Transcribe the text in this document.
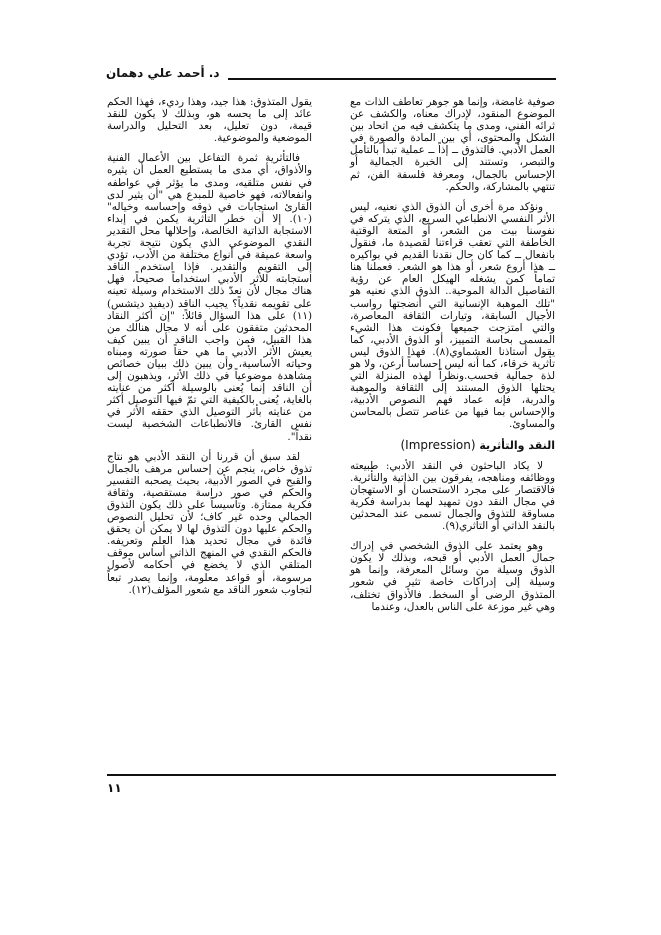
د. أحمد علي دهمان

صوفية غامضة، وإنما هو جوهر تعاطف الذات مع الموضوع المنقود، لإدراك معناه، والكشف عن ثرائه الفني، ومدى ما يتكشف فيه من اتحاد بين الشكل والمحتوى، أي بين المادة والصورة في العمل الأدبي. فالتذوق ــ إذاً ــ عملية تبدأ بالتأمل والتبصر، وتستند إلى الخبرة الجمالية أو الإحساس بالجمال، ومعرفة فلسفة الفن، ثم تنتهي بالمشاركة، والحكم.

ونؤكد مرة أخرى أن الذوق الذي نعنيه، ليس الأثر النفسي الانطباعي السريع، الذي يتركه في نفوسنا بيت من الشعر، أو المتعة الوقتية الخاطفة التي تعقب قراءتنا لقصيدة ما، فنقول بانفعال ــ كما كان حال نقدنا القديم في بواكيره ــ هذا أروع شعر، أو هذا هو الشعر. فعملنا هنا تماماً كمن يشغله الهيكل العام عن رؤية التفاصيل الدالة الموحية.. الذوق الذي نعنيه هو "تلك الموهبة الإنسانية التي أنضجتها رواسب الأجيال السابقة، وتيارات الثقافة المعاصرة، والتي امتزجت جميعها فكونت هذا الشيء المسمى بحاسة التمييز، أو الذوق الأدبي، كما يقول أستاذنا العشماوي(٨). فهذا الذوق ليس تأثرية خرقاء، كما أنه ليس إحساساً أرعن، ولا هو لذة جمالية فحسب.ونظراً لهذه المنزلة التي يحتلها الذوق المستند إلى الثقافة والموهبة والدربة، فإنه عماد فهم النصوص الأدبية، والإحساس بما فيها من عناصر تتصل بالمحاسن والمساوئ.

النقد والتأثرية (Impression)

لا يكاد الباحثون في النقد الأدبي: طبيعته ووظائفه ومناهجه، يفرقون بين الذاتية والتأثرية. فالاقتصار على مجرد الاستحسان أو الاستهجان في مجال النقد دون تمهيد لهما بدراسة فكرية مساوقة للتذوق والجمال تسمى عند المحدثين بالنقد الذاتي أو التأثري(٩).

وهو يعتمد على الذوق الشخصي في إدراك جمال العمل الأدبي أو قبحه، وبذلك لا يكون الذوق وسيلة من وسائل المعرفة، وإنما هو وسيلة إلى إدراكات خاصة تثير في شعور المتذوق الرضى أو السخط. فالأذواق تختلف، وهي غير موزعة على الناس بالعدل، وعندما

يقول المتذوق: هذا جيد، وهذا رديء، فهذا الحكم عائد إلى ما يحسه هو، وبذلك لا يكون للنقد قيمة، دون تعليل، بعد التحليل والدراسة الموضعية والموضوعية.

فالتأثرية ثمرة التفاعل بين الأعمال الفنية والأذواق، أي مدى ما يستطيع العمل أن يثيره في نفس متلقيه، ومدى ما يؤثر في عواطفه وانفعالاته، فهو خاصية للمبدع هي "أن يثير لدى القارئ استجابات في ذوقه وإحساسه وخياله"(١٠). إلا أن خطر التأثرية يكمن في إبداء الاستجابة الذاتية الخالصة، وإحلالها محل التقدير النقدي الموضوعي الذي يكون نتيجة تجربة واسعة عميقة في أنواع مختلفة من الأدب، تؤدي إلى التقويم والتقدير. فإذا استخدم الناقد استجابته للأثر الأدبي استخداماً صحيحاً، فهل هناك مجال لأن نعدّ ذلك الاستخدام وسيلة تعينه على تقويمه نقدياً؟ يجيب الناقد (ديفيد ديتشس)(١١) على هذا السؤال قائلاً: "إن أكثر النقاد المحدثين متفقون على أنه لا مجال هنالك من هذا القبيل، فمن واجب الناقد أن يبين كيف يعيش الأثر الأدبي ما هي حقاً صورته ومبناه وحياته الأساسية، وأن يبين ذلك ببيان خصائص مشاهدة موضوعياً في ذلك الأثر، ويذهبون إلى أن الناقد إنما يُعنى بالوسيلة أكثر من عنايته بالغاية، يُعنى بالكيفية التي تمّ فيها التوصيل أكثر من عنايته بأثر التوصيل الذي حققه الأثر في نفس القارئ. فالانطباعات الشخصية ليست نقداً".

لقد سبق أن قررنا أن النقد الأدبي هو نتاج تذوق خاص، ينجم عن إحساس مرهف بالجمال والقبح في الصور الأدبية، بحيث يصحبه التفسير والحكم في صور دراسة مستقصية، وثقافة فكرية ممتازة. وتأسيساً على ذلك يكون التذوق الجمالي وحده غير كاف؛ لأن تحليل النصوص والحكم عليها دون التذوق لها لا يمكن أن يحقق فائدة في مجال تحديد هذا العلم وتعريفه. فالحكم النقدي في المنهج الذاتي أساس موقف المتلقي الذي لا يخضع في أحكامه لأصول مرسومة، أو قواعد معلومة، وإنما يصدر تبعاً لتجاوب شعور الناقد مع شعور المؤلف(١٢).

١١
